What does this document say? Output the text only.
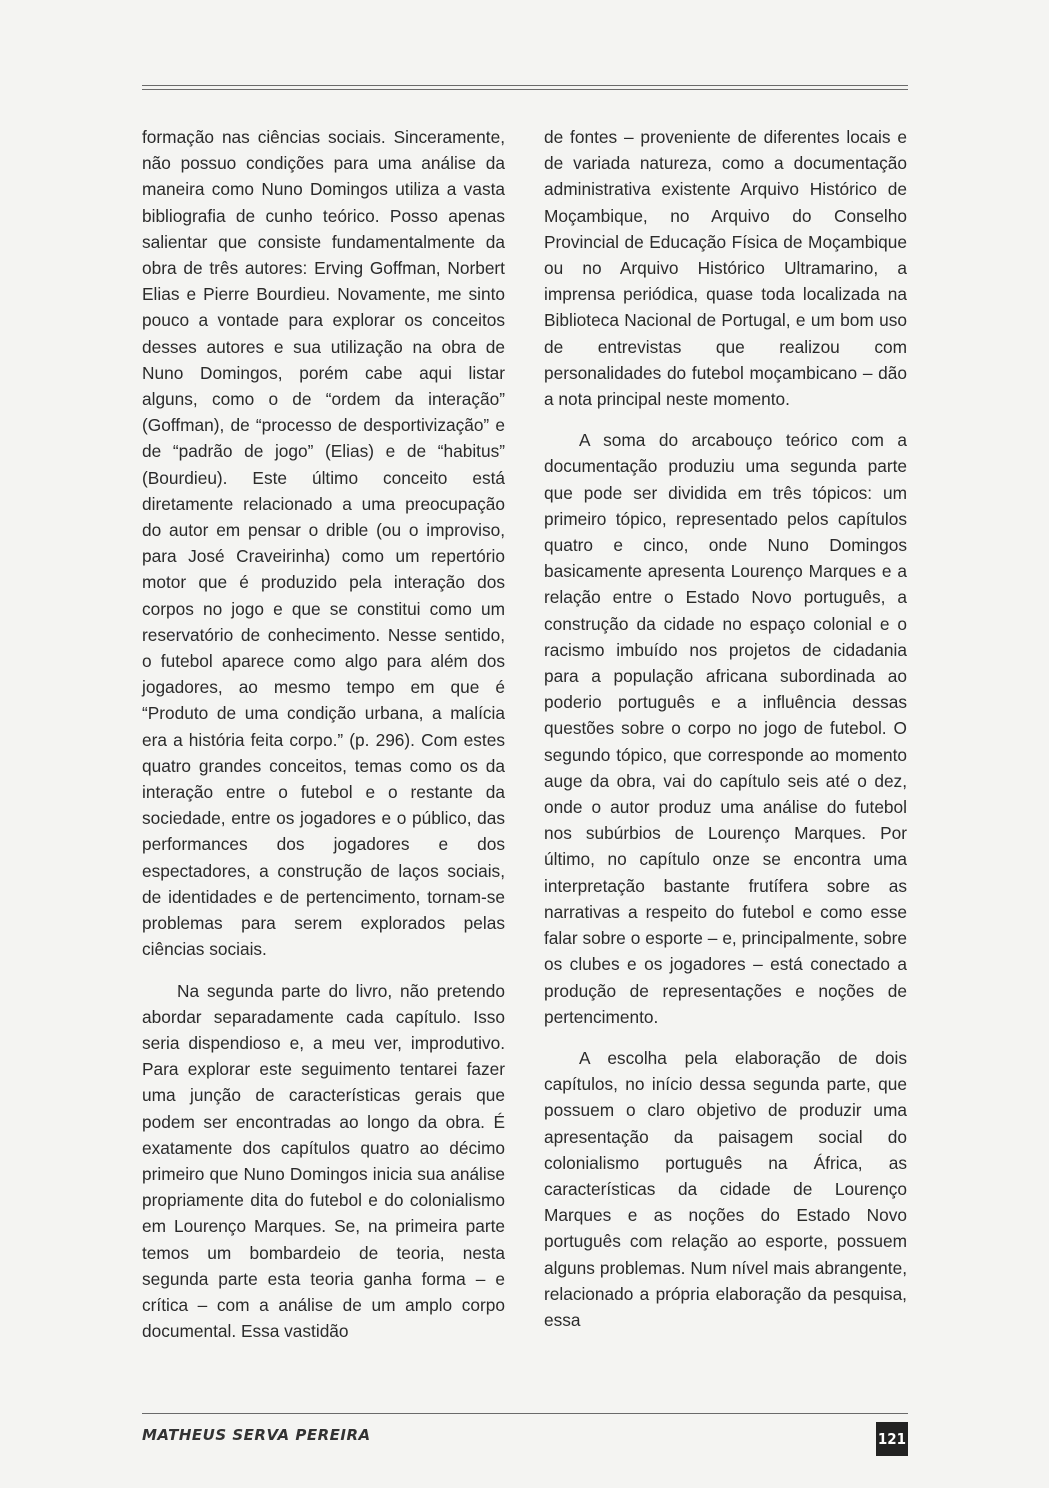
formação nas ciências sociais. Sinceramente, não possuo condições para uma análise da maneira como Nuno Domingos utiliza a vasta bibliografia de cunho teórico. Posso apenas salientar que consiste fundamentalmente da obra de três autores: Erving Goffman, Norbert Elias e Pierre Bourdieu. Novamente, me sinto pouco a vontade para explorar os conceitos desses autores e sua utilização na obra de Nuno Domingos, porém cabe aqui listar alguns, como o de “ordem da interação” (Goffman), de “processo de desportivização” e de “padrão de jogo” (Elias) e de “habitus” (Bourdieu). Este último conceito está diretamente relacionado a uma preocupação do autor em pensar o drible (ou o improviso, para José Craveirinha) como um repertório motor que é produzido pela interação dos corpos no jogo e que se constitui como um reservatório de conhecimento. Nesse sentido, o futebol aparece como algo para além dos jogadores, ao mesmo tempo em que é “Produto de uma condição urbana, a malícia era a história feita corpo.” (p. 296). Com estes quatro grandes conceitos, temas como os da interação entre o futebol e o restante da sociedade, entre os jogadores e o público, das performances dos jogadores e dos espectadores, a construção de laços sociais, de identidades e de pertencimento, tornam-se problemas para serem explorados pelas ciências sociais.

Na segunda parte do livro, não pretendo abordar separadamente cada capítulo. Isso seria dispendioso e, a meu ver, improdutivo. Para explorar este seguimento tentarei fazer uma junção de características gerais que podem ser encontradas ao longo da obra. É exatamente dos capítulos quatro ao décimo primeiro que Nuno Domingos inicia sua análise propriamente dita do futebol e do colonialismo em Lourenço Marques. Se, na primeira parte temos um bombardeio de teoria, nesta segunda parte esta teoria ganha forma – e crítica – com a análise de um amplo corpo documental. Essa vastidão

de fontes – proveniente de diferentes locais e de variada natureza, como a documentação administrativa existente Arquivo Histórico de Moçambique, no Arquivo do Conselho Provincial de Educação Física de Moçambique ou no Arquivo Histórico Ultramarino, a imprensa periódica, quase toda localizada na Biblioteca Nacional de Portugal, e um bom uso de entrevistas que realizou com personalidades do futebol moçambicano – dão a nota principal neste momento.

A soma do arcabouço teórico com a documentação produziu uma segunda parte que pode ser dividida em três tópicos: um primeiro tópico, representado pelos capítulos quatro e cinco, onde Nuno Domingos basicamente apresenta Lourenço Marques e a relação entre o Estado Novo português, a construção da cidade no espaço colonial e o racismo imbuído nos projetos de cidadania para a população africana subordinada ao poderio português e a influência dessas questões sobre o corpo no jogo de futebol. O segundo tópico, que corresponde ao momento auge da obra, vai do capítulo seis até o dez, onde o autor produz uma análise do futebol nos subúrbios de Lourenço Marques. Por último, no capítulo onze se encontra uma interpretação bastante frutífera sobre as narrativas a respeito do futebol e como esse falar sobre o esporte – e, principalmente, sobre os clubes e os jogadores – está conectado a produção de representações e noções de pertencimento.

A escolha pela elaboração de dois capítulos, no início dessa segunda parte, que possuem o claro objetivo de produzir uma apresentação da paisagem social do colonialismo português na África, as características da cidade de Lourenço Marques e as noções do Estado Novo português com relação ao esporte, possuem alguns problemas. Num nível mais abrangente, relacionado a própria elaboração da pesquisa, essa

MATHEUS SERVA PEREIRA	121
